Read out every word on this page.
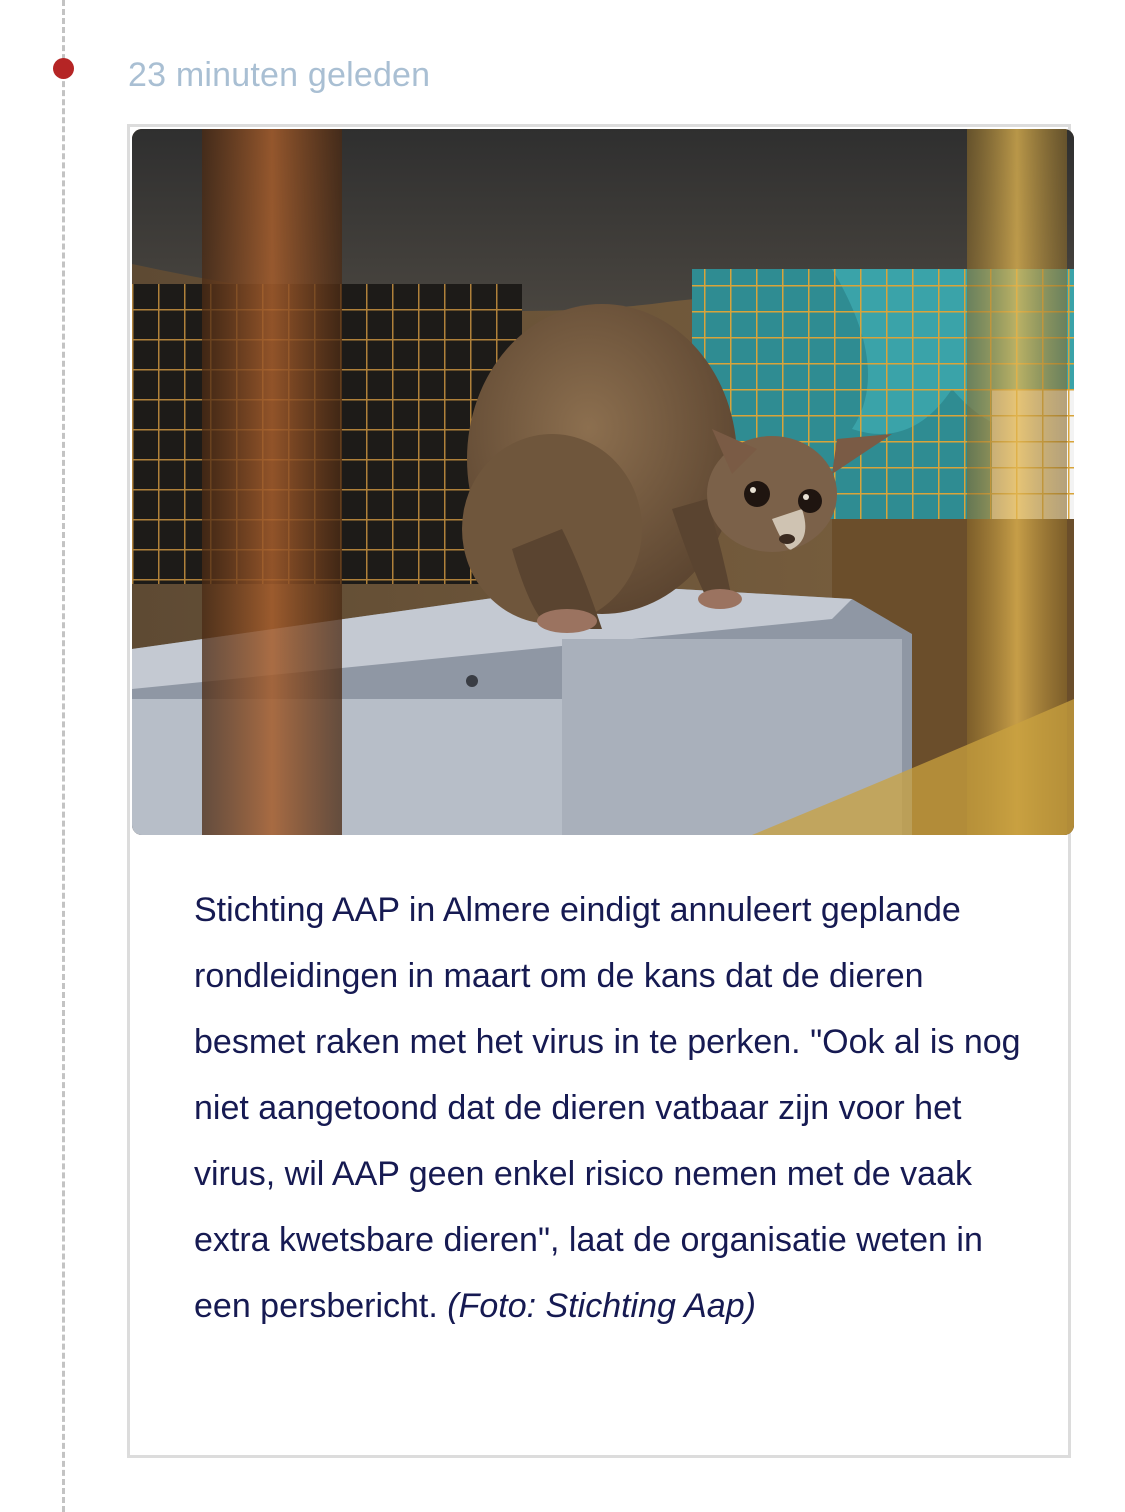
23 minuten geleden

Stichting AAP in Almere eindigt annuleert geplande rondleidingen in maart om de kans dat de dieren besmet raken met het virus in te perken. "Ook al is nog niet aangetoond dat de dieren vatbaar zijn voor het virus, wil AAP geen enkel risico nemen met de vaak extra kwetsbare dieren", laat de organisatie weten in een persbericht. (Foto: Stichting Aap)
